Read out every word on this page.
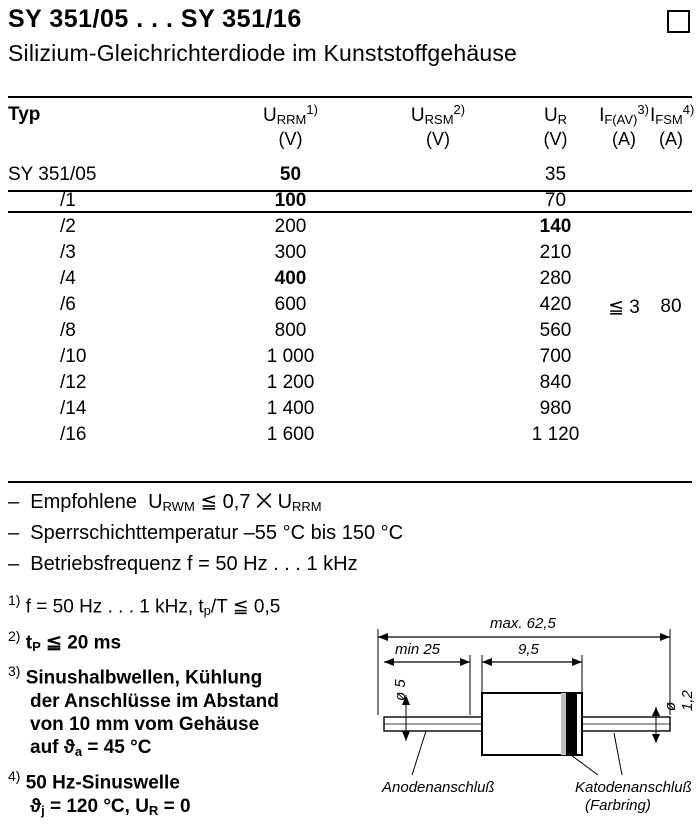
SY 351/05 . . . SY 351/16
Silizium-Gleichrichterdiode im Kunststoffgehäuse
Typ	$U_{RRM}^{1)}$
(V)
	$U_{RSM}^{2)}$
(V)
	$U_R$
(V)
	$I_{F(AV)}^{3)}$
(A)
	$I_{FSM}^{4)}$
(A)
SY 351/05	50		35	≦ 3	80
/1	100		70		
/2	200		140		
/3	300		210		
/4	400		280		
/6	600		420		
/8	800		560		
/10	1 000		700		
/12	1 200		840		
/14	1 400		980		
/16	1 600		1 120		
–  Empfohlene  $U_{RWM}$ ≦ 0,7 ⨉ $U_{RRM}$
–  Sperrschichttemperatur –55 °C bis 150 °C
–  Betriebsfrequenz f = 50 Hz . . . 1 kHz
$^{1)}$ f = 50 Hz . . . 1 kHz, $t_p/T$ ≦ 0,5
$^{2)}$ $t_P$ ≦ 20 ms
$^{3)}$ Sinushalbwellen, Kühlung
der Anschlüsse im Abstand
von 10 mm vom Gehäuse
auf $ϑ_a = 45$ °C
$^{4)}$ 50 Hz-Sinuswelle
$ϑ_j = 120$ °C, $U_R = 0$
max. 62,5
min 25	9,5
ø 5
ø 1,2
Anodenanschluß	Katodenanschluß
(Farbring)
